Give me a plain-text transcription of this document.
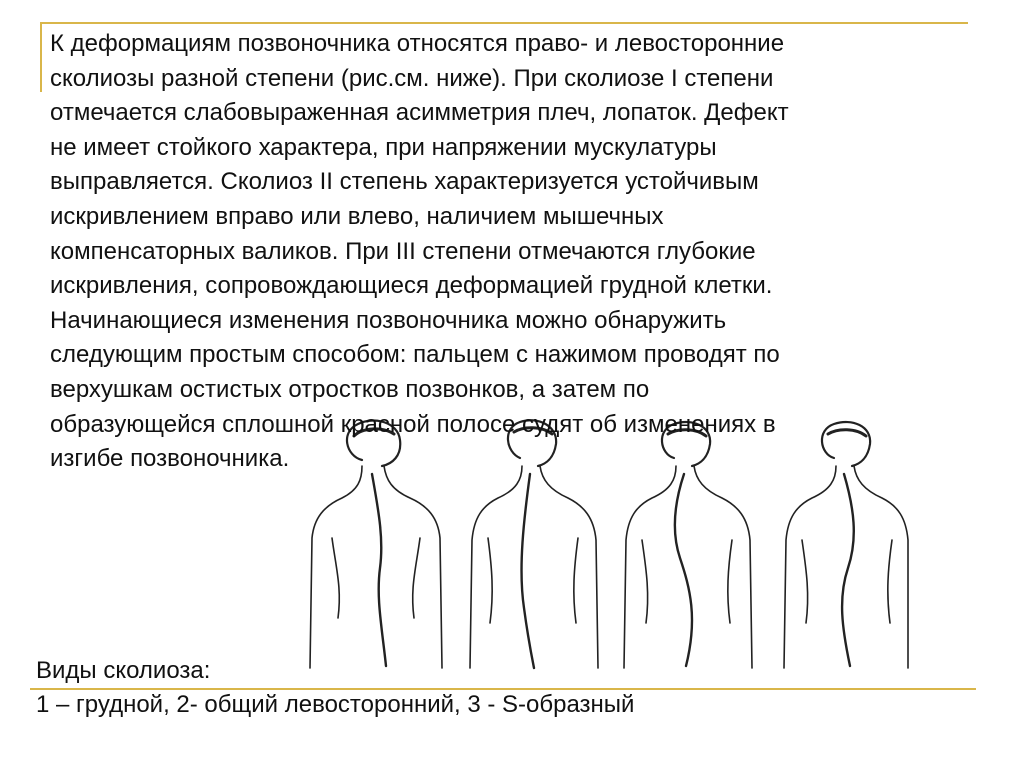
К деформациям позвоночника относятся право- и левосторонние
сколиозы разной степени (рис.см. ниже). При сколиозе I степени
отмечается слабовыраженная асимметрия плеч, лопаток. Дефект
не имеет стойкого характера, при напряжении мускулатуры
выправляется. Сколиоз II степень характеризуется устойчивым
искривлением вправо или влево, наличием мышечных
компенсаторных валиков. При III степени отмечаются глубокие
искривления, сопровождающиеся деформацией грудной клетки.
Начинающиеся изменения позвоночника можно обнаружить
следующим простым способом: пальцем с нажимом проводят по
верхушкам остистых отростков позвонков, а затем по
образующейся сплошной красной полосе судят об изменениях в
изгибе позвоночника.
Виды сколиоза:
1 – грудной, 2- общий левосторонний, 3 - S-образный
